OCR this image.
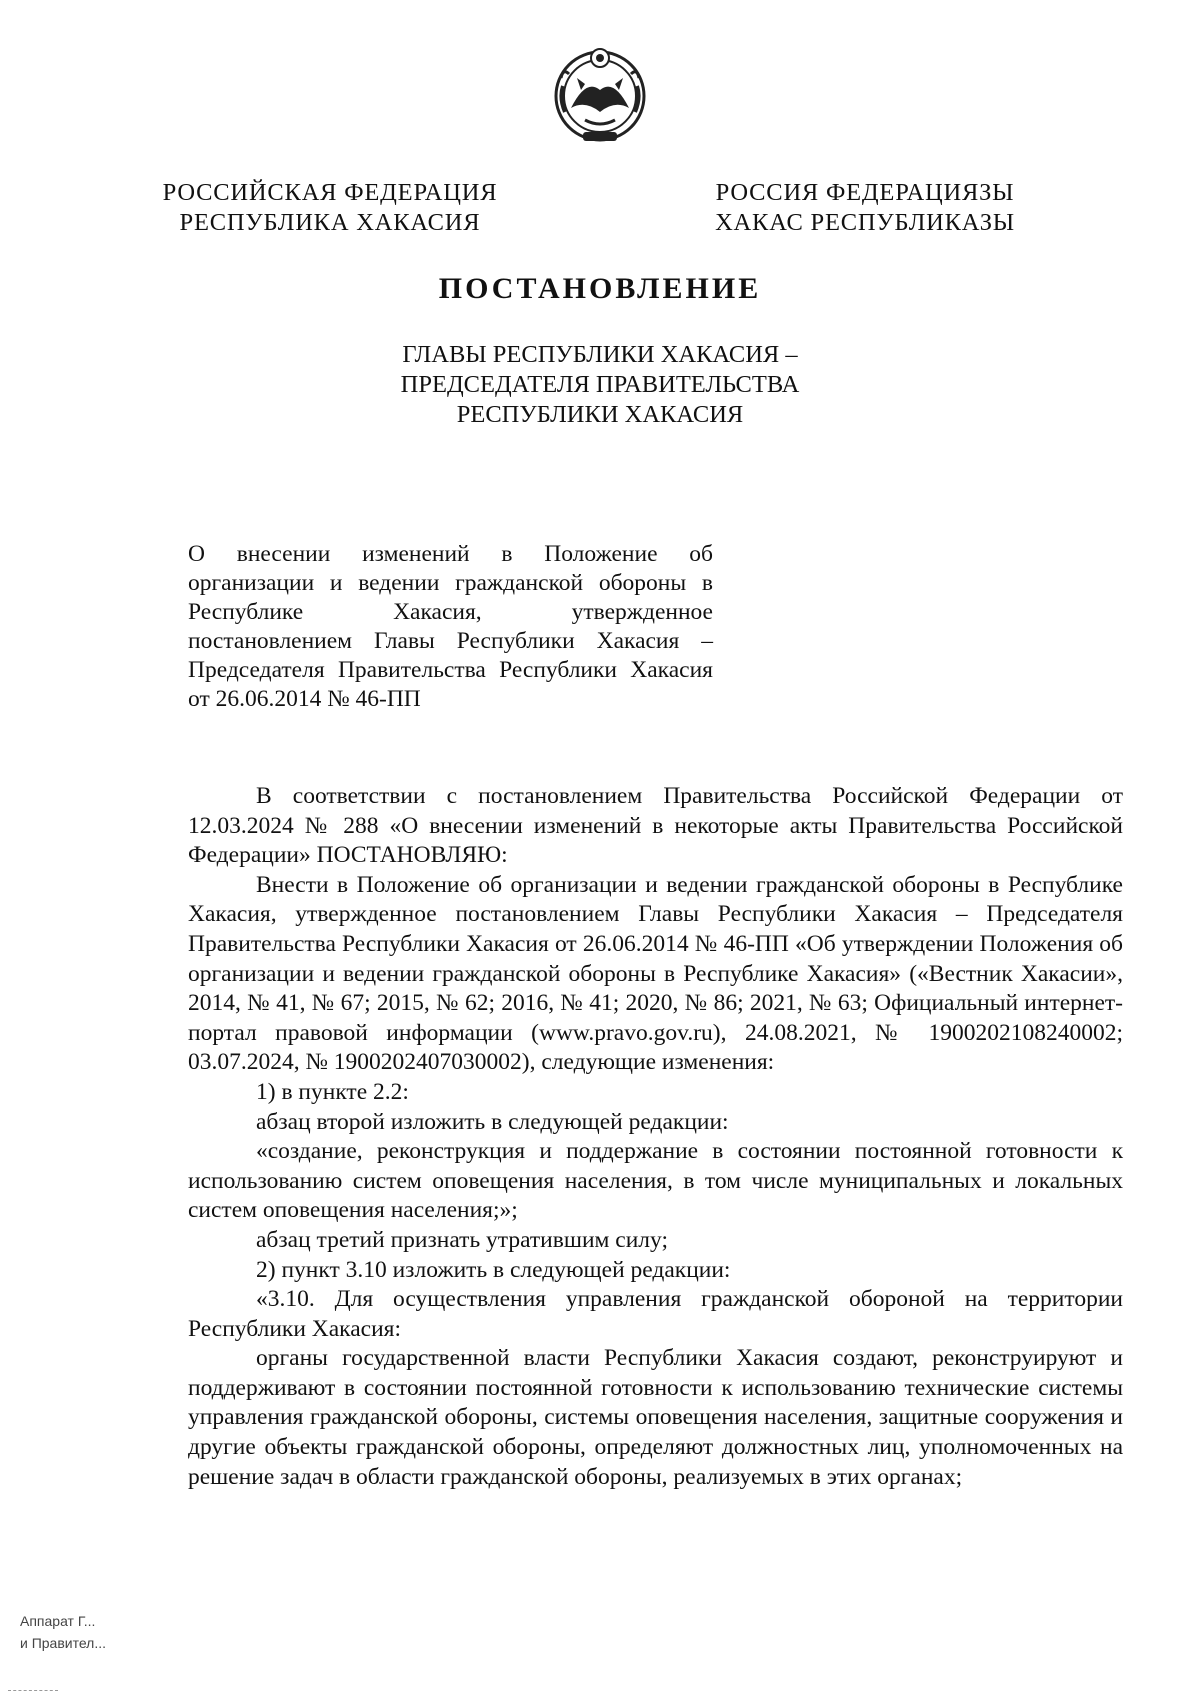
РОССИЙСКАЯ ФЕДЕРАЦИЯ
РЕСПУБЛИКА ХАКАСИЯ
РОССИЯ ФЕДЕРАЦИЯЗЫ
ХАКАС РЕСПУБЛИКАЗЫ
ПОСТАНОВЛЕНИЕ
ГЛАВЫ РЕСПУБЛИКИ ХАКАСИЯ –
ПРЕДСЕДАТЕЛЯ ПРАВИТЕЛЬСТВА
РЕСПУБЛИКИ ХАКАСИЯ
О внесении изменений в Положение об организации и ведении гражданской обороны в Республике Хакасия, утвержденное постановлением Главы Республики Хакасия – Председателя Правительства Республики Хакасия от 26.06.2014 № 46-ПП

В соответствии с постановлением Правительства Российской Федерации от 12.03.2024 № 288 «О внесении изменений в некоторые акты Правительства Российской Федерации» ПОСТАНОВЛЯЮ:

Внести в Положение об организации и ведении гражданской обороны в Республике Хакасия, утвержденное постановлением Главы Республики Хакасия – Председателя Правительства Республики Хакасия от 26.06.2014 № 46-ПП «Об утверждении Положения об организации и ведении гражданской обороны в Республике Хакасия» («Вестник Хакасии», 2014, № 41, № 67; 2015, № 62; 2016, № 41; 2020, № 86; 2021, № 63; Официальный интернет-портал правовой информации (www.pravo.gov.ru), 24.08.2021, № 1900202108240002; 03.07.2024, № 1900202407030002), следующие изменения:

1) в пункте 2.2:

абзац второй изложить в следующей редакции:

«создание, реконструкция и поддержание в состоянии постоянной готовности к использованию систем оповещения населения, в том числе муниципальных и локальных систем оповещения населения;»;

абзац третий признать утратившим силу;

2) пункт 3.10 изложить в следующей редакции:

«3.10. Для осуществления управления гражданской обороной на территории Республики Хакасия:

органы государственной власти Республики Хакасия создают, реконструируют и поддерживают в состоянии постоянной готовности к использованию технические системы управления гражданской обороны, системы оповещения населения, защитные сооружения и другие объекты гражданской обороны, определяют должностных лиц, уполномоченных на решение задач в области гражданской обороны, реализуемых в этих органах;

Аппарат Г...
и Правител...
